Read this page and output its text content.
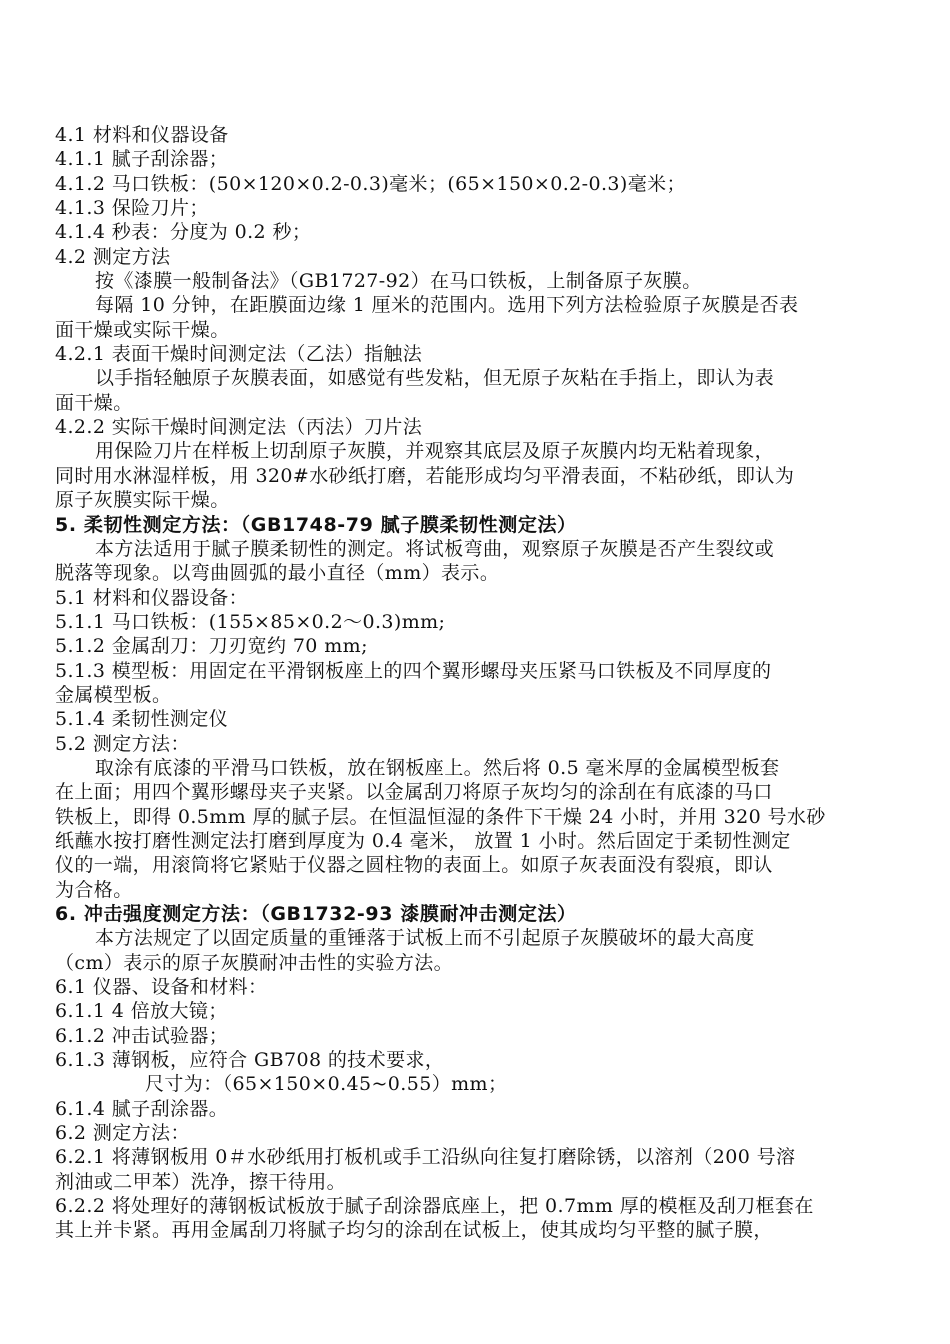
4.1 材料和仪器设备
4.1.1 腻子刮涂器；
4.1.2 马口铁板：(50×120×0.2-0.3)毫米；(65×150×0.2-0.3)毫米；
4.1.3 保险刀片；
4.1.4 秒表：分度为 0.2 秒；
4.2 测定方法
按《漆膜一般制备法》（GB1727-92）在马口铁板，上制备原子灰膜。
每隔 10 分钟，在距膜面边缘 1 厘米的范围内。选用下列方法检验原子灰膜是否表
面干燥或实际干燥。
4.2.1 表面干燥时间测定法（乙法）指触法
以手指轻触原子灰膜表面，如感觉有些发粘，但无原子灰粘在手指上，即认为表
面干燥。
4.2.2 实际干燥时间测定法（丙法）刀片法
用保险刀片在样板上切刮原子灰膜，并观察其底层及原子灰膜内均无粘着现象，
同时用水淋湿样板，用 320#水砂纸打磨，若能形成均匀平滑表面，不粘砂纸，即认为
原子灰膜实际干燥。
5. 柔韧性测定方法：（GB1748-79 腻子膜柔韧性测定法）
本方法适用于腻子膜柔韧性的测定。将试板弯曲，观察原子灰膜是否产生裂纹或
脱落等现象。以弯曲圆弧的最小直径（mm）表示。
5.1 材料和仪器设备：
5.1.1 马口铁板：(155×85×0.2～0.3)mm;
5.1.2 金属刮刀：刀刃宽约 70 mm;
5.1.3 模型板：用固定在平滑钢板座上的四个翼形螺母夹压紧马口铁板及不同厚度的
金属模型板。
5.1.4 柔韧性测定仪
5.2 测定方法：
取涂有底漆的平滑马口铁板，放在钢板座上。然后将 0.5 毫米厚的金属模型板套
在上面；用四个翼形螺母夹子夹紧。以金属刮刀将原子灰均匀的涂刮在有底漆的马口
铁板上，即得 0.5mm 厚的腻子层。在恒温恒湿的条件下干燥 24 小时，并用 320 号水砂
纸蘸水按打磨性测定法打磨到厚度为 0.4 毫米， 放置 1 小时。然后固定于柔韧性测定
仪的一端，用滚筒将它紧贴于仪器之圆柱物的表面上。如原子灰表面没有裂痕，即认
为合格。
6. 冲击强度测定方法：（GB1732-93 漆膜耐冲击测定法）
本方法规定了以固定质量的重锤落于试板上而不引起原子灰膜破坏的最大高度
（cm）表示的原子灰膜耐冲击性的实验方法。
6.1 仪器、设备和材料：
6.1.1 4 倍放大镜；
6.1.2 冲击试验器；
6.1.3 薄钢板，应符合 GB708 的技术要求，
尺寸为：（65×150×0.45~0.55）mm；
6.1.4 腻子刮涂器。
6.2 测定方法：
6.2.1 将薄钢板用 0＃水砂纸用打板机或手工沿纵向往复打磨除锈，以溶剂（200 号溶
剂油或二甲苯）洗净，擦干待用。
6.2.2 将处理好的薄钢板试板放于腻子刮涂器底座上，把 0.7mm 厚的模框及刮刀框套在
其上并卡紧。再用金属刮刀将腻子均匀的涂刮在试板上，使其成均匀平整的腻子膜，
